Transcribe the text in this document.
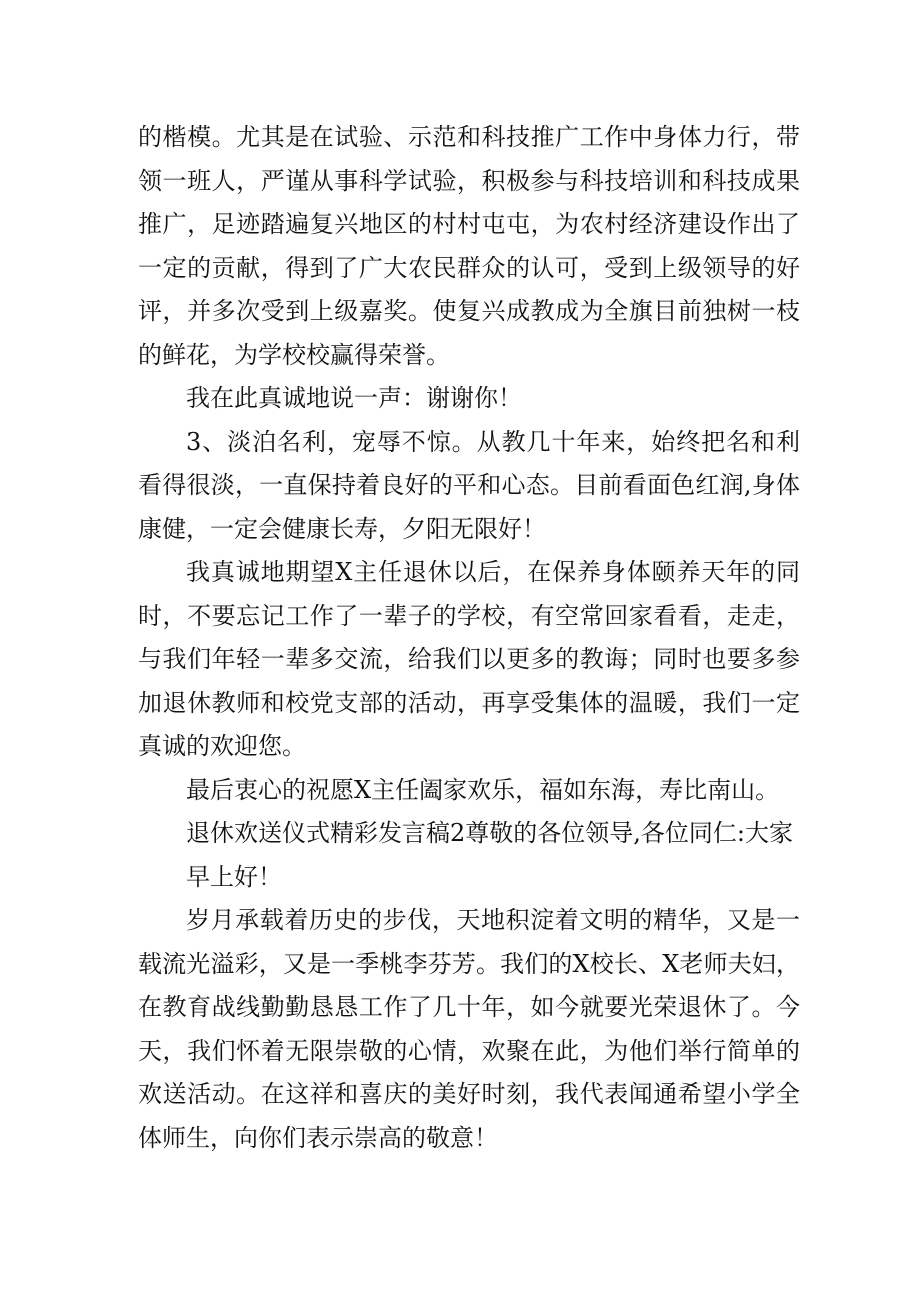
的楷模。尤其是在试验、示范和科技推广工作中身体力行，带领一班人，严谨从事科学试验，积极参与科技培训和科技成果推广，足迹踏遍复兴地区的村村屯屯，为农村经济建设作出了一定的贡献，得到了广大农民群众的认可，受到上级领导的好评，并多次受到上级嘉奖。使复兴成教成为全旗目前独树一枝的鲜花，为学校校赢得荣誉。

我在此真诚地说一声：谢谢你！

3、淡泊名利，宠辱不惊。从教几十年来，始终把名和利看得很淡，一直保持着良好的平和心态。目前看面色红润,身体康健，一定会健康长寿，夕阳无限好！

我真诚地期望X主任退休以后，在保养身体颐养天年的同时，不要忘记工作了一辈子的学校，有空常回家看看，走走，与我们年轻一辈多交流，给我们以更多的教诲；同时也要多参加退休教师和校党支部的活动，再享受集体的温暖，我们一定真诚的欢迎您。

最后衷心的祝愿X主任阖家欢乐，福如东海，寿比南山。

退休欢送仪式精彩发言稿2尊敬的各位领导,各位同仁:大家

早上好！

岁月承载着历史的步伐，天地积淀着文明的精华，又是一载流光溢彩，又是一季桃李芬芳。我们的X校长、X老师夫妇，在教育战线勤勤恳恳工作了几十年，如今就要光荣退休了。今天，我们怀着无限崇敬的心情，欢聚在此，为他们举行简单的欢送活动。在这祥和喜庆的美好时刻，我代表闻通希望小学全体师生，向你们表示崇高的敬意！
